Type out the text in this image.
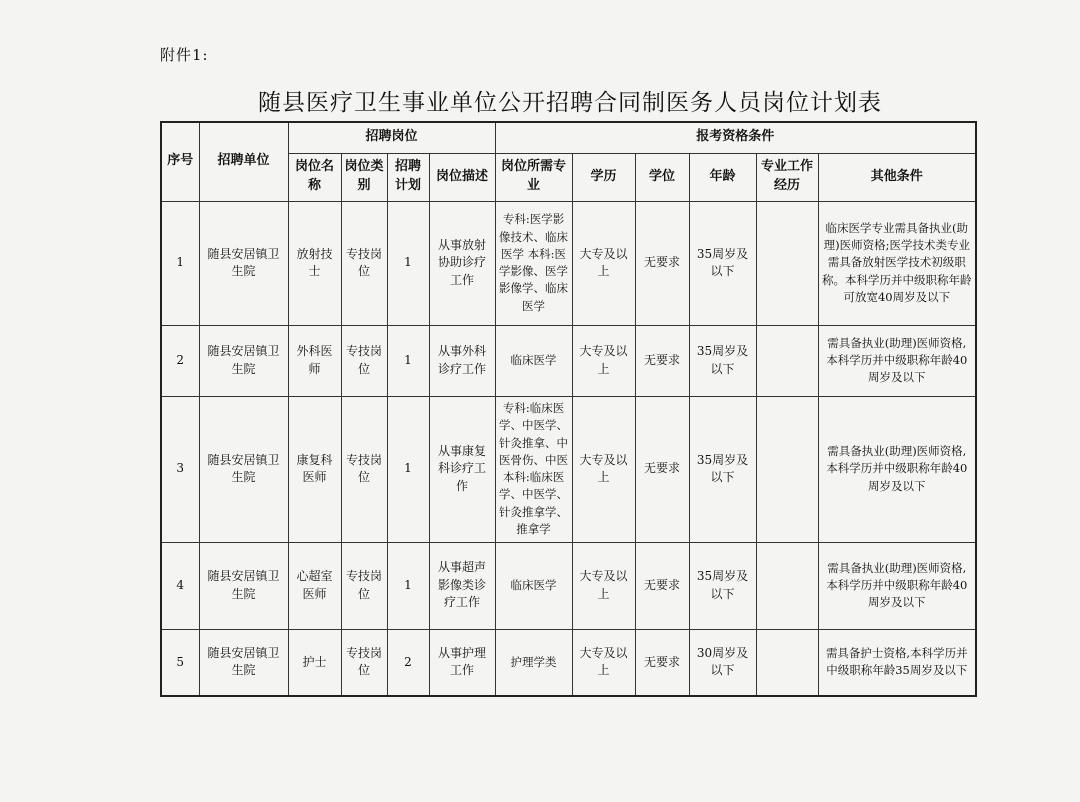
附件1:
随县医疗卫生事业单位公开招聘合同制医务人员岗位计划表
序号	招聘单位	招聘岗位				报考资格条件					
		岗位名称	岗位类别	招聘计划	岗位描述	岗位所需专业	学历	学位	年龄	专业工作经历	其他条件
1	随县安居镇卫生院	放射技士	专技岗位	1	从事放射协助诊疗工作	专科:医学影像技术、临床医学 本科:医学影像、医学影像学、临床医学	大专及以上	无要求	35周岁及以下		临床医学专业需具备执业(助理)医师资格;医学技术类专业需具备放射医学技术初级职称。本科学历并中级职称年龄可放宽40周岁及以下
2	随县安居镇卫生院	外科医师	专技岗位	1	从事外科诊疗工作	临床医学	大专及以上	无要求	35周岁及以下		需具备执业(助理)医师资格,本科学历并中级职称年龄40周岁及以下
3	随县安居镇卫生院	康复科医师	专技岗位	1	从事康复科诊疗工作	专科:临床医学、中医学、针灸推拿、中医骨伤、中医 本科:临床医学、中医学、针灸推拿学、推拿学	大专及以上	无要求	35周岁及以下		需具备执业(助理)医师资格,本科学历并中级职称年龄40周岁及以下
4	随县安居镇卫生院	心超室医师	专技岗位	1	从事超声影像类诊疗工作	临床医学	大专及以上	无要求	35周岁及以下		需具备执业(助理)医师资格,本科学历并中级职称年龄40周岁及以下
5	随县安居镇卫生院	护士	专技岗位	2	从事护理工作	护理学类	大专及以上	无要求	30周岁及以下		需具备护士资格,本科学历并中级职称年龄35周岁及以下
